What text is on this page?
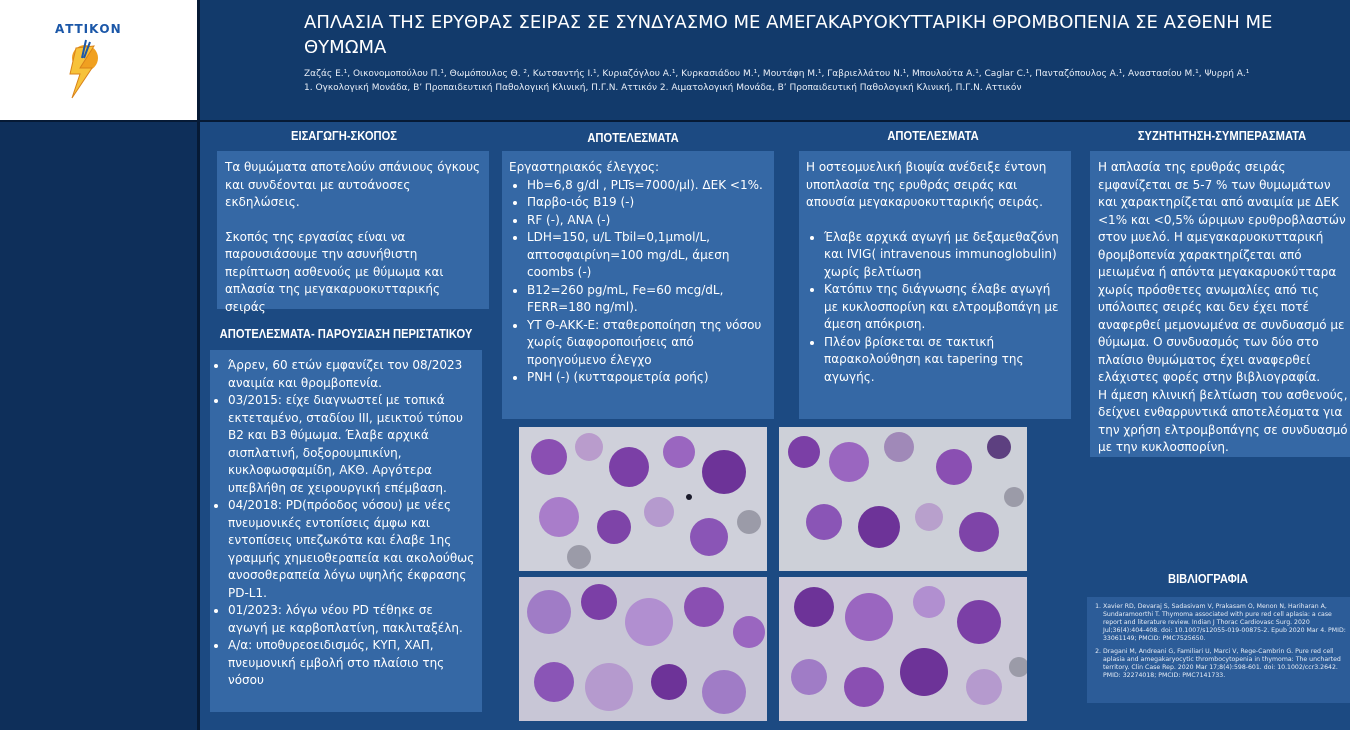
ΑΤΤΙΚΟΝ	ΑΠΛΑΣΙΑ ΤΗΣ ΕΡΥΘΡΑΣ ΣΕΙΡΑΣ ΣΕ ΣΥΝΔΥΑΣΜΟ ΜΕ ΑΜΕΓΑΚΑΡΥΟΚΥΤΤΑΡΙΚΗ ΘΡΟΜΒΟΠΕΝΙΑ ΣΕ ΑΣΘΕΝΗ ΜΕ ΘΥΜΩΜΑ
Ζαζάς Ε.¹, Οικονομοπούλου Π.¹, Θωμόπουλος Θ. ², Κωτσαντής Ι.¹, Κυριαζόγλου Α.¹, Κυρκασιάδου Μ.¹, Μουτάφη Μ.¹, Γαβριελλάτου Ν.¹, Μπουλούτα Α.¹, Caglar C.¹, Πανταζόπουλος Α.¹, Αναστασίου Μ.¹, Ψυρρή Α.¹
1. Ογκολογική Μονάδα, Β’ Προπαιδευτική Παθολογική Κλινική, Π.Γ.Ν. Αττικόν 2. Αιματολογική Μονάδα, Β’ Προπαιδευτική Παθολογική Κλινική, Π.Γ.Ν. Αττικόν
ΕΙΣΑΓΩΓΗ-ΣΚΟΠΟΣ

Τα θυμώματα αποτελούν σπάνιους όγκους και συνδέονται με αυτοάνοσες εκδηλώσεις.

Σκοπός της εργασίας είναι να παρουσιάσουμε την ασυνήθιστη περίπτωση ασθενούς με θύμωμα και απλασία της μεγακαρυοκυτταρικής σειράς

ΑΠΟΤΕΛΕΣΜΑΤΑ- ΠΑΡΟΥΣΙΑΣΗ ΠΕΡΙΣΤΑΤΙΚΟΥ
• Άρρεν, 60 ετών εμφανίζει τον 08/2023 αναιμία και θρομβοπενία.
• 03/2015: είχε διαγνωστεί με τοπικά εκτεταμένο, σταδίου ΙΙΙ, μεικτού τύπου Β2 και Β3 θύμωμα. Έλαβε αρχικά σισπλατινή, δοξορουμπικίνη, κυκλοφωσφαμίδη, ΑΚΘ. Αργότερα υπεβλήθη σε χειρουργική επέμβαση.
• 04/2018: PD(πρόοδος νόσου) με νέες πνευμονικές εντοπίσεις άμφω και εντοπίσεις υπεζωκότα και έλαβε 1ης γραμμής χημειοθεραπεία και ακολούθως ανοσοθεραπεία λόγω υψηλής έκφρασης PD-L1.
• 01/2023: λόγω νέου PD τέθηκε σε αγωγή με καρβοπλατίνη, πακλιταξέλη.
• Α/α: υποθυρεοειδισμός, ΚΥΠ, ΧΑΠ, πνευμονική εμβολή στο πλαίσιο της νόσου
ΑΠΟΤΕΛΕΣΜΑΤΑ

Εργαστηριακός έλεγχος:

• Hb=6,8 g/dl , PLTs=7000/μl). ΔΕΚ <1%.
• Παρβο-ιός Β19 (-)
• RF (-), ANA (-)
• LDH=150, u/L Tbil=0,1μmol/L, απτοσφαιρίνη=100 mg/dL, άμεση coombs (-)
• B12=260 pg/mL, Fe=60 mcg/dL, FERR=180 ng/ml).
• ΥΤ Θ-ΑΚΚ-Ε: σταθεροποίηση της νόσου χωρίς διαφοροποιήσεις από προηγούμενο έλεγχο
• PNH (-) (κυτταρομετρία ροής)
ΑΠΟΤΕΛΕΣΜΑΤΑ

Η οστεομυελική βιοψία ανέδειξε έντονη υποπλασία της ερυθράς σειράς και απουσία μεγακαρυοκυτταρικής σειράς.

• Έλαβε αρχικά αγωγή με δεξαμεθαζόνη και IVIG( intravenous immunoglobulin) χωρίς βελτίωση
• Κατόπιν της διάγνωσης έλαβε αγωγή με κυκλοσπορίνη και ελτρομβοπάγη με άμεση απόκριση.
• Πλέον βρίσκεται σε τακτική παρακολούθηση και tapering της αγωγής.
ΣΥΖΗΤΗΤΗΣΗ-ΣΥΜΠΕΡΑΣΜΑΤΑ

Η απλασία της ερυθράς σειράς εμφανίζεται σε 5-7 % των θυμωμάτων και χαρακτηρίζεται από αναιμία με ΔΕΚ <1% και <0,5% ώριμων ερυθροβλαστών στον μυελό. Η αμεγακαρυοκυτταρική θρομβοπενία χαρακτηρίζεται από μειωμένα ή απόντα μεγακαρυοκύτταρα χωρίς πρόσθετες ανωμαλίες από τις υπόλοιπες σειρές και δεν έχει ποτέ αναφερθεί μεμονωμένα σε συνδυασμό με θύμωμα. Ο συνδυασμός των δύο στο πλαίσιο θυμώματος έχει αναφερθεί ελάχιστες φορές στην βιβλιογραφία.

Η άμεση κλινική βελτίωση του ασθενούς, δείχνει ενθαρρυντικά αποτελέσματα για την χρήση ελτρομβοπάγης σε συνδυασμό με την κυκλοσπορίνη.

ΒΙΒΛΙΟΓΡΑΦΙΑ
1. Xavier RD, Devaraj S, Sadasivam V, Prakasam O, Menon N, Hariharan A, Sundaramoorthi T. Thymoma associated with pure red cell aplasia: a case report and literature review. Indian J Thorac Cardiovasc Surg. 2020 Jul;36(4):404-408. doi: 10.1007/s12055-019-00875-2. Epub 2020 Mar 4. PMID: 33061149; PMCID: PMC7525650.
2. Dragani M, Andreani G, Familiari U, Marci V, Rege-Cambrin G. Pure red cell aplasia and amegakaryocytic thrombocytopenia in thymoma: The uncharted territory. Clin Case Rep. 2020 Mar 17;8(4):598-601. doi: 10.1002/ccr3.2642. PMID: 32274018; PMCID: PMC7141733.
